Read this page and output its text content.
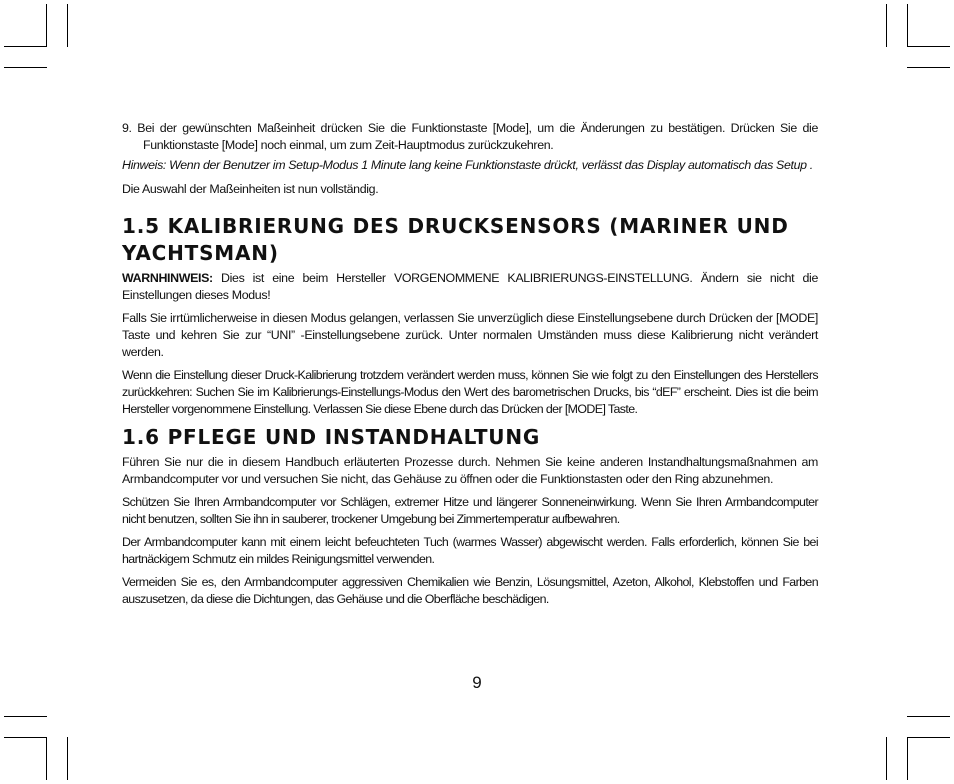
9. Bei der gewünschten Maßeinheit drücken Sie die Funktionstaste [Mode], um die Änderungen zu bestätigen. Drücken Sie die Funktionstaste [Mode] noch einmal, um zum Zeit-Hauptmodus zurückzukehren.

Hinweis: Wenn der Benutzer im Setup-Modus 1 Minute lang keine Funktionstaste drückt, verlässt das Display automatisch das Setup .

Die Auswahl der Maßeinheiten ist nun vollständig.

1.5 KALIBRIERUNG DES DRUCKSENSORS (MARINER UND YACHTSMAN)

WARNHINWEIS: Dies ist eine beim Hersteller VORGENOMMENE KALIBRIERUNGS-EINSTELLUNG. Ändern sie nicht die Einstellungen dieses Modus!

Falls Sie irrtümlicherweise in diesen Modus gelangen, verlassen Sie unverzüglich diese Einstellungsebene durch Drücken der [MODE] Taste und kehren Sie zur “UNI” -Einstellungsebene zurück. Unter normalen Umständen muss diese Kalibrierung nicht verändert werden.

Wenn die Einstellung dieser Druck-Kalibrierung trotzdem verändert werden muss, können Sie wie folgt zu den Einstellungen des Herstellers zurückkehren: Suchen Sie im Kalibrierungs-Einstellungs-Modus den Wert des barometrischen Drucks, bis “dEF” erscheint. Dies ist die beim Hersteller vorgenommene Einstellung. Verlassen Sie diese Ebene durch das Drücken der [MODE] Taste.

1.6 PFLEGE UND INSTANDHALTUNG

Führen Sie nur die in diesem Handbuch erläuterten Prozesse durch. Nehmen Sie keine anderen Instandhaltungsmaßnahmen am Armbandcomputer vor und versuchen Sie nicht, das Gehäuse zu öffnen oder die Funktionstasten oder den Ring abzunehmen.

Schützen Sie Ihren Armbandcomputer vor Schlägen, extremer Hitze und längerer Sonneneinwirkung. Wenn Sie Ihren Armbandcomputer nicht benutzen, sollten Sie ihn in sauberer, trockener Umgebung bei Zimmertemperatur aufbewahren.

Der Armbandcomputer kann mit einem leicht befeuchteten Tuch (warmes Wasser) abgewischt werden. Falls erforderlich, können Sie bei hartnäckigem Schmutz ein mildes Reinigungsmittel verwenden.

Vermeiden Sie es, den Armbandcomputer aggressiven Chemikalien wie Benzin, Lösungsmittel, Azeton, Alkohol, Klebstoffen und Farben auszusetzen, da diese die Dichtungen, das Gehäuse und die Oberfläche beschädigen.

9
